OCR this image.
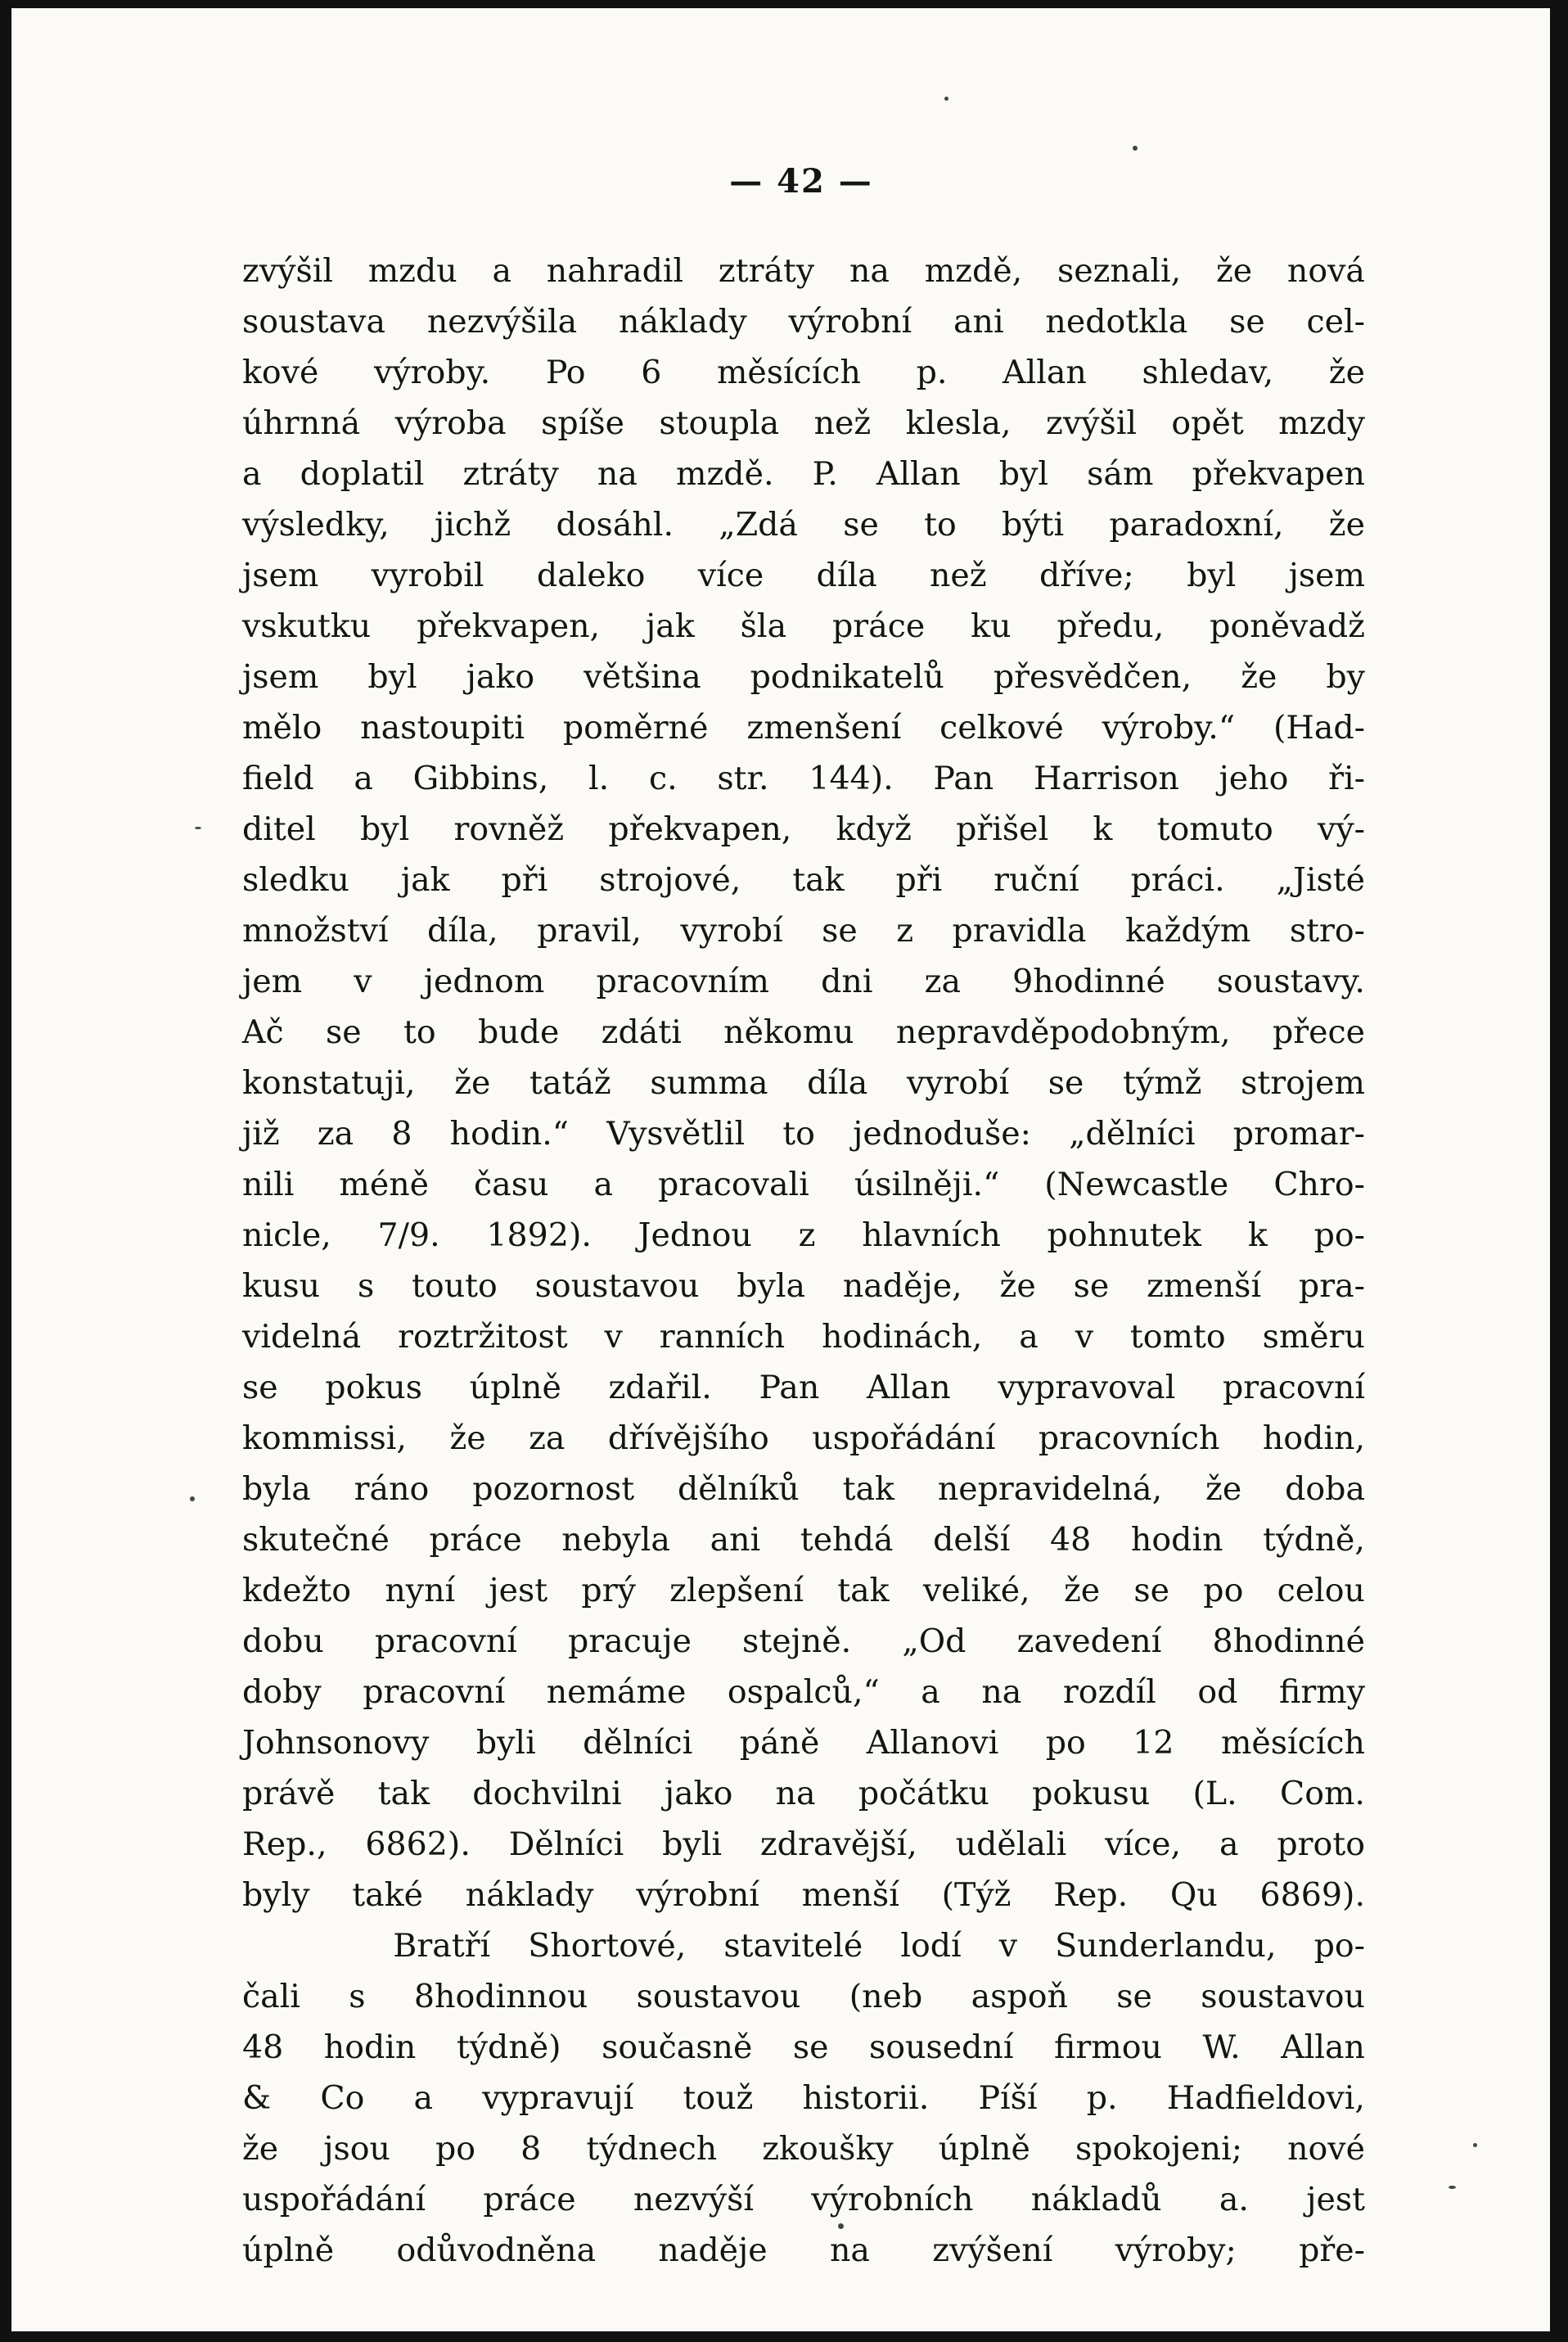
— 42 —
zvýšil mzdu a nahradil ztráty na mzdě, seznali, že nová
soustava nezvýšila náklady výrobní ani nedotkla se cel-
kové výroby. Po 6 měsících p. Allan shledav, že
úhrnná výroba spíše stoupla než klesla, zvýšil opět mzdy
a doplatil ztráty na mzdě. P. Allan byl sám překvapen
výsledky, jichž dosáhl. „Zdá se to býti paradoxní, že
jsem vyrobil daleko více díla než dříve; byl jsem
vskutku překvapen, jak šla práce ku předu, poněvadž
jsem byl jako většina podnikatelů přesvědčen, že by
mělo nastoupiti poměrné zmenšení celkové výroby.“ (Had-
field a Gibbins, l. c. str. 144). Pan Harrison jeho ři-
ditel byl rovněž překvapen, když přišel k tomuto vý-
sledku jak při strojové, tak při ruční práci. „Jisté
množství díla, pravil, vyrobí se z pravidla každým stro-
jem v jednom pracovním dni za 9hodinné soustavy.
Ač se to bude zdáti někomu nepravděpodobným, přece
konstatuji, že tatáž summa díla vyrobí se týmž strojem
již za 8 hodin.“ Vysvětlil to jednoduše: „dělníci promar-
nili méně času a pracovali úsilněji.“ (Newcastle Chro-
nicle, 7/9. 1892). Jednou z hlavních pohnutek k po-
kusu s touto soustavou byla naděje, že se zmenší pra-
videlná roztržitost v ranních hodinách, a v tomto směru
se pokus úplně zdařil. Pan Allan vypravoval pracovní
kommissi, že za dřívějšího uspořádání pracovních hodin,
byla ráno pozornost dělníků tak nepravidelná, že doba
skutečné práce nebyla ani tehdá delší 48 hodin týdně,
kdežto nyní jest prý zlepšení tak veliké, že se po celou
dobu pracovní pracuje stejně. „Od zavedení 8hodinné
doby pracovní nemáme ospalců,“ a na rozdíl od firmy
Johnsonovy byli dělníci páně Allanovi po 12 měsících
právě tak dochvilni jako na počátku pokusu (L. Com.
Rep., 6862). Dělníci byli zdravější, udělali více, a proto
byly také náklady výrobní menší (Týž Rep. Qu 6869).
Bratří Shortové, stavitelé lodí v Sunderlandu, po-
čali s 8hodinnou soustavou (neb aspoň se soustavou
48 hodin týdně) současně se sousední firmou W. Allan
& Co a vypravují touž historii. Píší p. Hadfieldovi,
že jsou po 8 týdnech zkoušky úplně spokojeni; nové
uspořádání práce nezvýší výrobních nákladů a. jest
úplně odůvodněna naděje na zvýšení výroby; pře-
